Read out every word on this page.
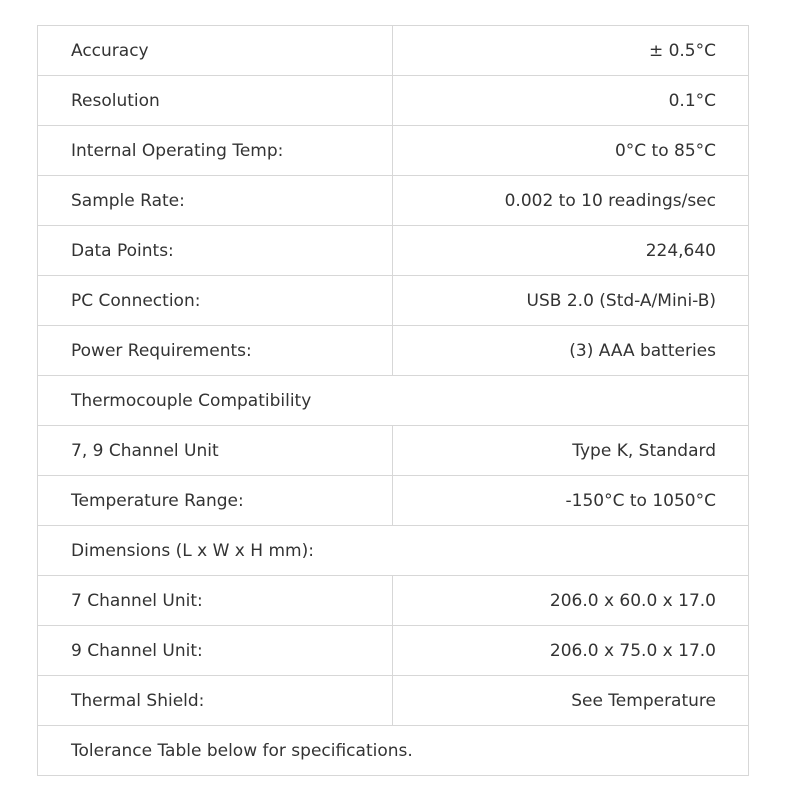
Accuracy	± 0.5°C
Resolution	0.1°C
Internal Operating Temp:	0°C to 85°C
Sample Rate:	0.002 to 10 readings/sec
Data Points:	224,640
PC Connection:	USB 2.0 (Std-A/Mini-B)
Power Requirements:	(3) AAA batteries
Thermocouple Compatibility	
7, 9 Channel Unit	Type K, Standard
Temperature Range:	-150°C to 1050°C
Dimensions (L x W x H mm):	
7 Channel Unit:	206.0 x 60.0 x 17.0
9 Channel Unit:	206.0 x 75.0 x 17.0
Thermal Shield:	See Temperature
Tolerance Table below for specifications.	
